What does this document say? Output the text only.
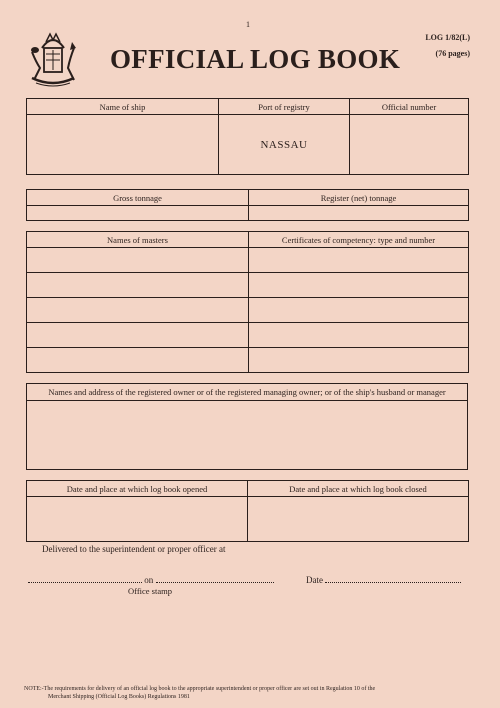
1
OFFICIAL LOG BOOK
LOG 1/82(L)
(76 pages)
Name of ship	Port of registry	Official number
	NASSAU	
Gross tonnage	Register (net) tonnage

Names of masters	Certificates of competency: type and number

Names and address of the registered owner or of the registered managing owner; or of the ship's husband or manager

Date and place at which log book opened	Date and place at which log book closed

Delivered to the superintendent or proper officer at
on	Date
Office stamp
NOTE:-The requirements for delivery of an official log book to the appropriate superintendent or proper officer are set out in Regulation 10 of the
Merchant Shipping (Official Log Books) Regulations 1981
